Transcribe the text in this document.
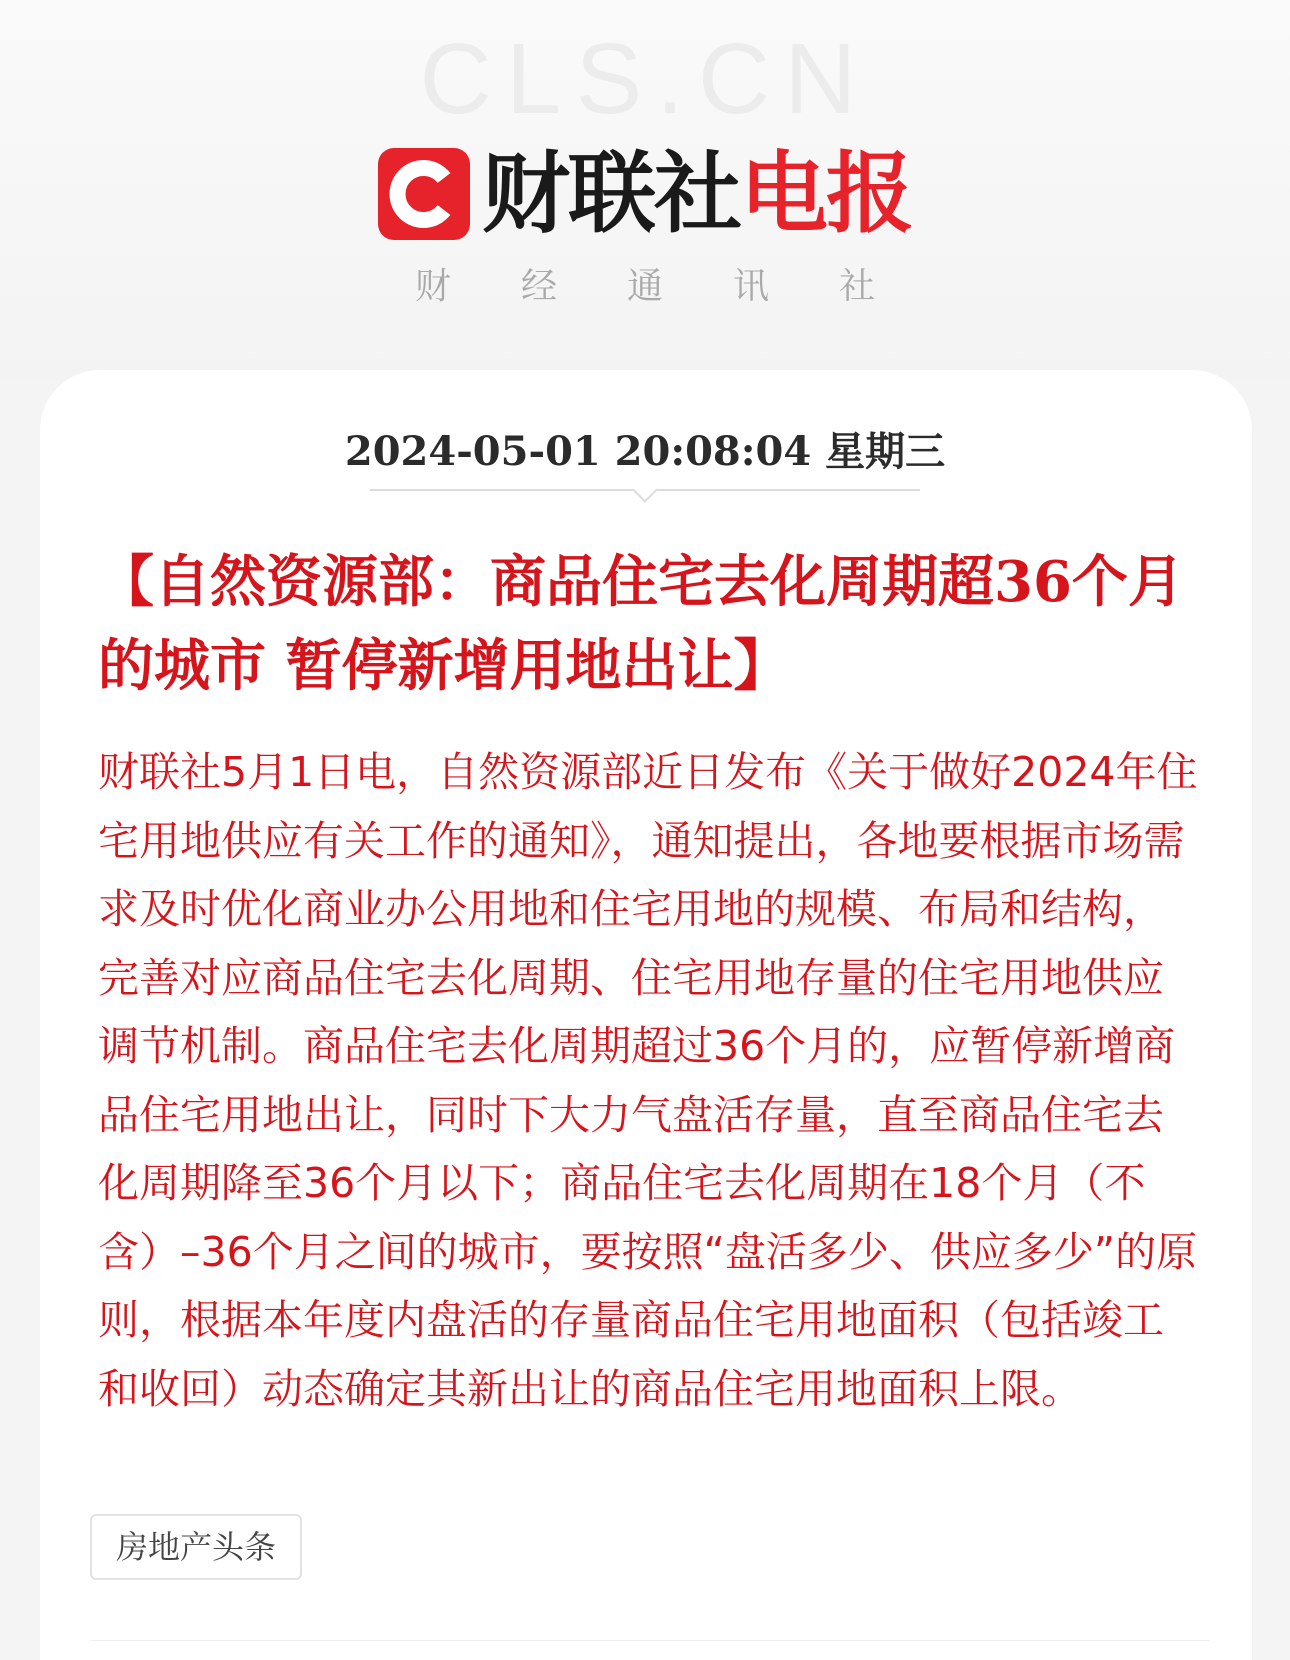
CLS.CN
财联社 电报
财经通讯社
2024-05-01 20:08:04 星期三
【自然资源部：商品住宅去化周期超36个月的城市 暂停新增用地出让】

财联社5月1日电，自然资源部近日发布《关于做好2024年住宅用地供应有关工作的通知》，通知提出，各地要根据市场需求及时优化商业办公用地和住宅用地的规模、布局和结构，完善对应商品住宅去化周期、住宅用地存量的住宅用地供应调节机制。商品住宅去化周期超过36个月的，应暂停新增商品住宅用地出让，同时下大力气盘活存量，直至商品住宅去化周期降至36个月以下；商品住宅去化周期在18个月（不含）–36个月之间的城市，要按照“盘活多少、供应多少”的原则，根据本年度内盘活的存量商品住宅用地面积（包括竣工和收回）动态确定其新出让的商品住宅用地面积上限。

房地产头条
